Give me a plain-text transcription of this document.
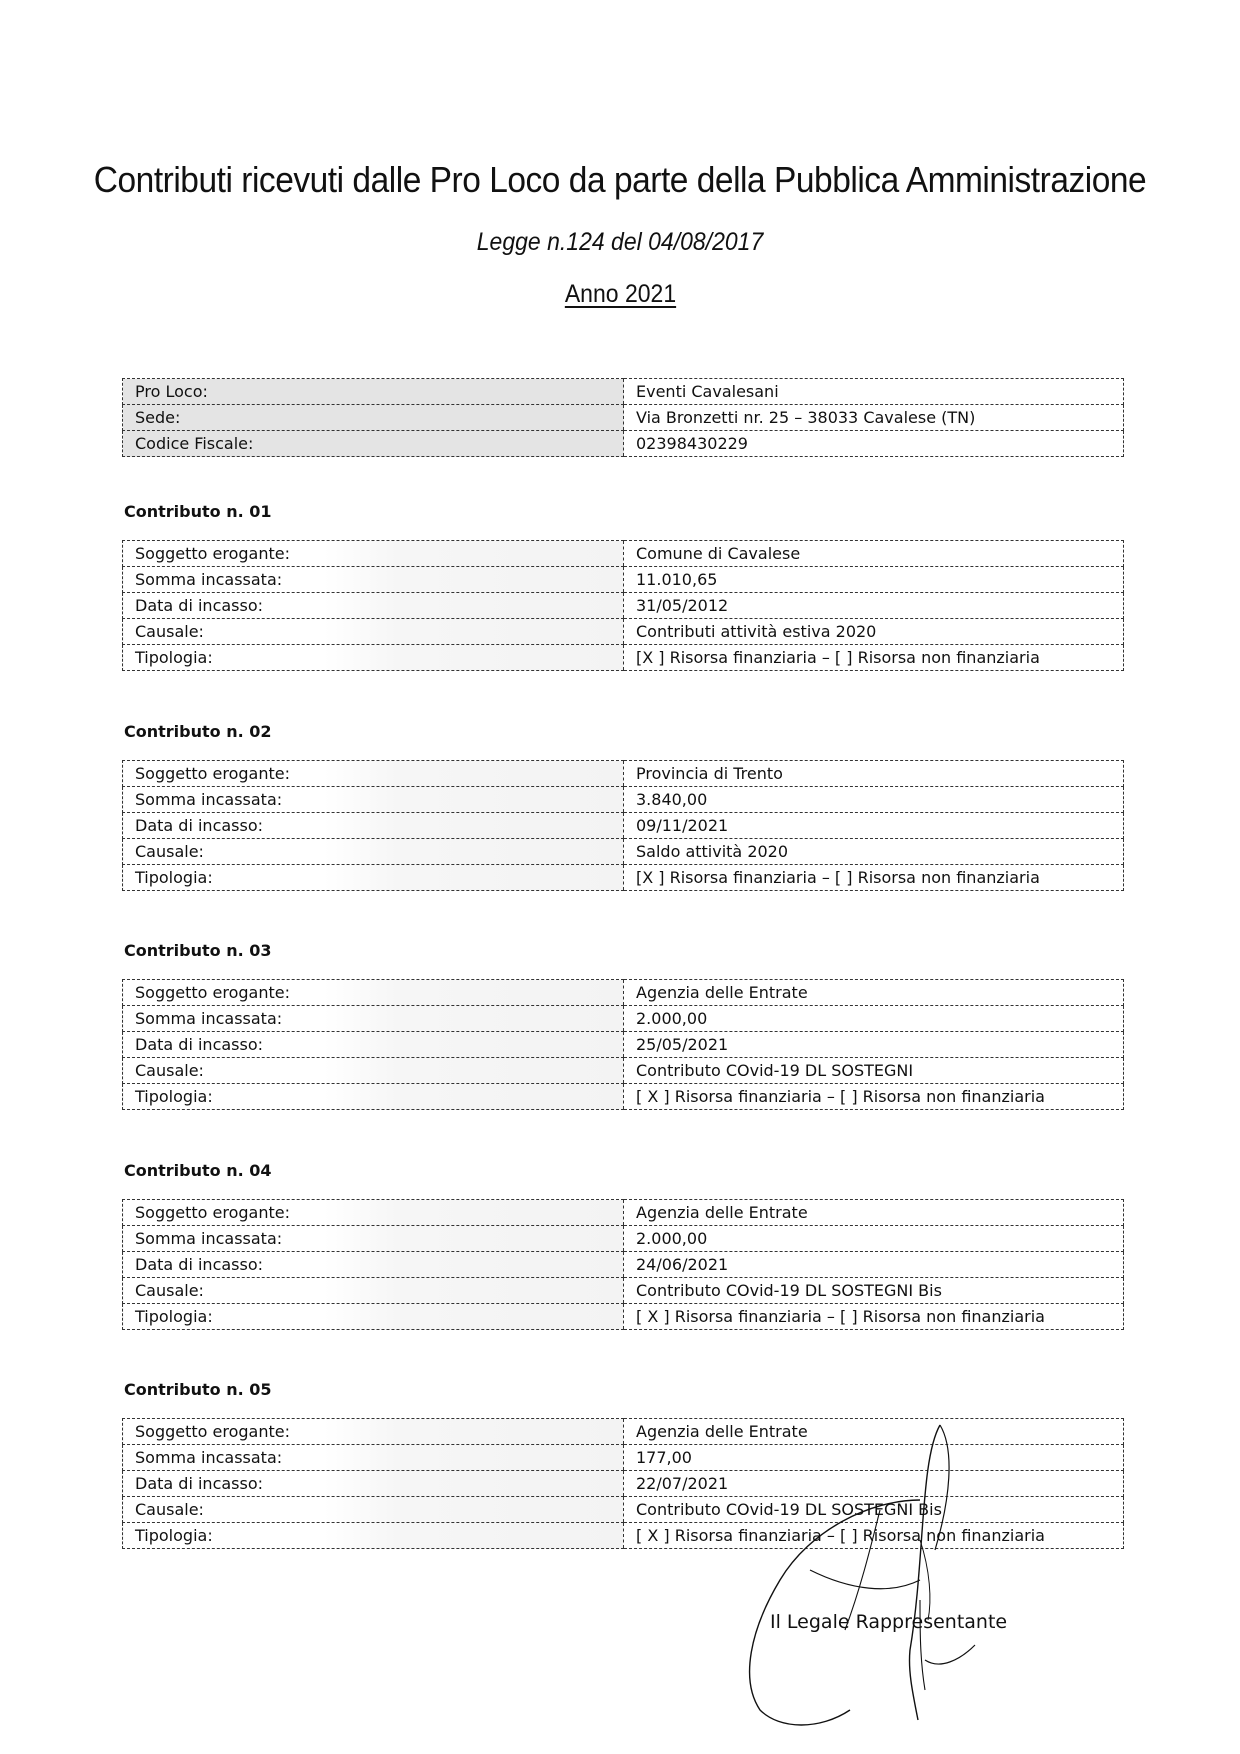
Contributi ricevuti dalle Pro Loco da parte della Pubblica Amministrazione
Legge n.124 del 04/08/2017
Anno 2021
Pro Loco:	Eventi Cavalesani
Sede:	Via Bronzetti nr. 25 – 38033 Cavalese (TN)
Codice Fiscale:	02398430229
Contributo n. 01
Soggetto erogante:	Comune di Cavalese
Somma incassata:	11.010,65
Data di incasso:	31/05/2012
Causale:	Contributi attività estiva 2020
Tipologia:	[X ] Risorsa finanziaria – [ ] Risorsa non finanziaria
Contributo n. 02
Soggetto erogante:	Provincia di Trento
Somma incassata:	3.840,00
Data di incasso:	09/11/2021
Causale:	Saldo attività 2020
Tipologia:	[X ] Risorsa finanziaria – [ ] Risorsa non finanziaria
Contributo n. 03
Soggetto erogante:	Agenzia delle Entrate
Somma incassata:	2.000,00
Data di incasso:	25/05/2021
Causale:	Contributo COvid-19 DL SOSTEGNI
Tipologia:	[ X ] Risorsa finanziaria – [ ] Risorsa non finanziaria
Contributo n. 04
Soggetto erogante:	Agenzia delle Entrate
Somma incassata:	2.000,00
Data di incasso:	24/06/2021
Causale:	Contributo COvid-19 DL SOSTEGNI Bis
Tipologia:	[ X ] Risorsa finanziaria – [ ] Risorsa non finanziaria
Contributo n. 05
Soggetto erogante:	Agenzia delle Entrate
Somma incassata:	177,00
Data di incasso:	22/07/2021
Causale:	Contributo COvid-19 DL SOSTEGNI Bis
Tipologia:	[ X ] Risorsa finanziaria – [ ] Risorsa non finanziaria
Il Legale Rappresentante
